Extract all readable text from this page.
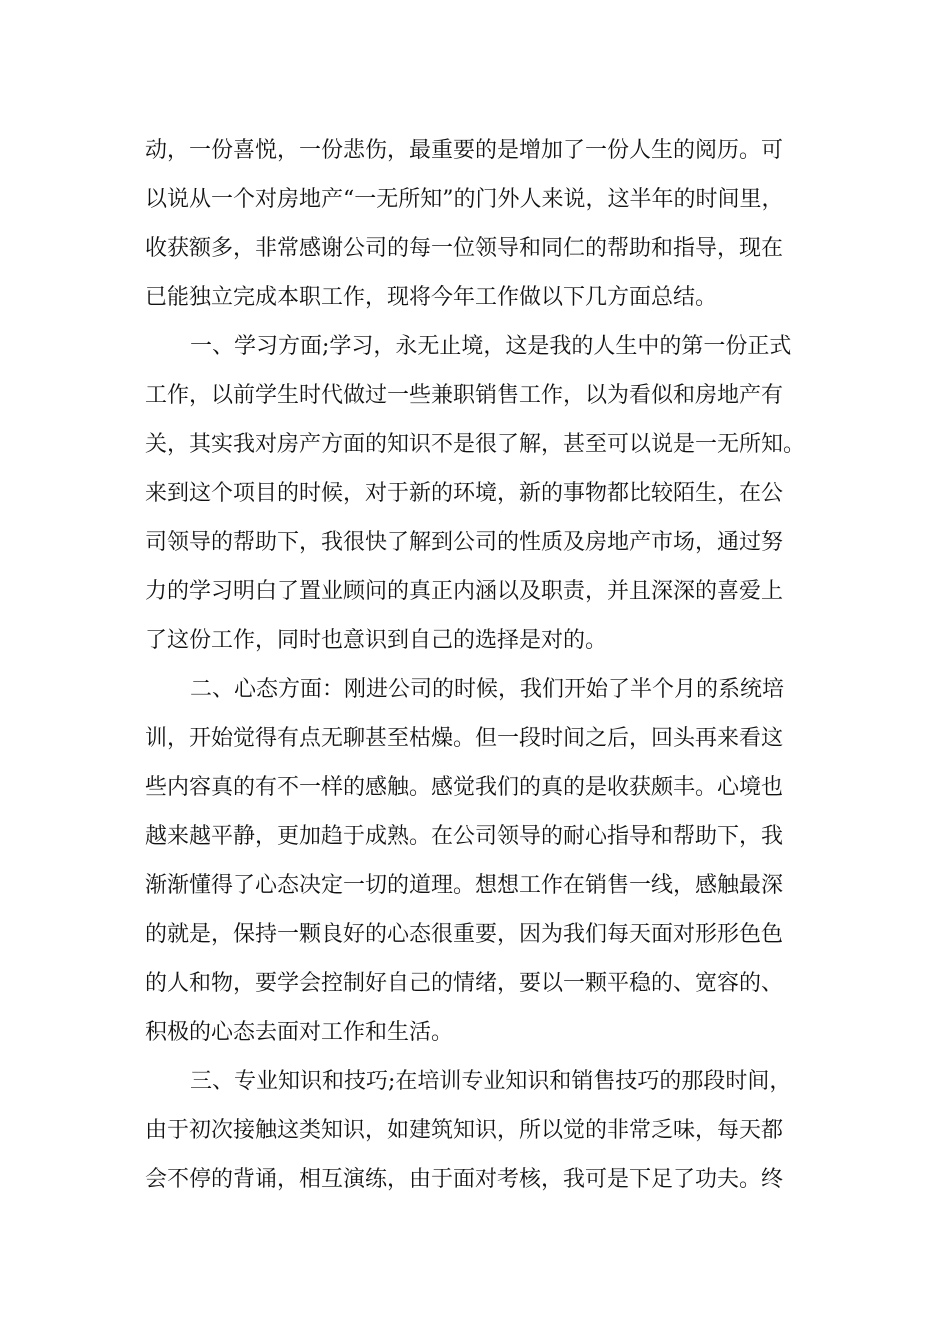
动，一份喜悦，一份悲伤，最重要的是增加了一份人生的阅历。可
以说从一个对房地产“一无所知”的门外人来说，这半年的时间里，
收获额多，非常感谢公司的每一位领导和同仁的帮助和指导，现在
已能独立完成本职工作，现将今年工作做以下几方面总结。
一、学习方面;学习，永无止境，这是我的人生中的第一份正式
工作，以前学生时代做过一些兼职销售工作，以为看似和房地产有
关，其实我对房产方面的知识不是很了解，甚至可以说是一无所知。
来到这个项目的时候，对于新的环境，新的事物都比较陌生，在公
司领导的帮助下，我很快了解到公司的性质及房地产市场，通过努
力的学习明白了置业顾问的真正内涵以及职责，并且深深的喜爱上
了这份工作，同时也意识到自己的选择是对的。
二、心态方面：刚进公司的时候，我们开始了半个月的系统培
训，开始觉得有点无聊甚至枯燥。但一段时间之后，回头再来看这
些内容真的有不一样的感触。感觉我们的真的是收获颇丰。心境也
越来越平静，更加趋于成熟。在公司领导的耐心指导和帮助下，我
渐渐懂得了心态决定一切的道理。想想工作在销售一线，感触最深
的就是，保持一颗良好的心态很重要，因为我们每天面对形形色色
的人和物，要学会控制好自己的情绪，要以一颗平稳的、宽容的、
积极的心态去面对工作和生活。
三、专业知识和技巧;在培训专业知识和销售技巧的那段时间，
由于初次接触这类知识，如建筑知识，所以觉的非常乏味，每天都
会不停的背诵，相互演练，由于面对考核，我可是下足了功夫。终
